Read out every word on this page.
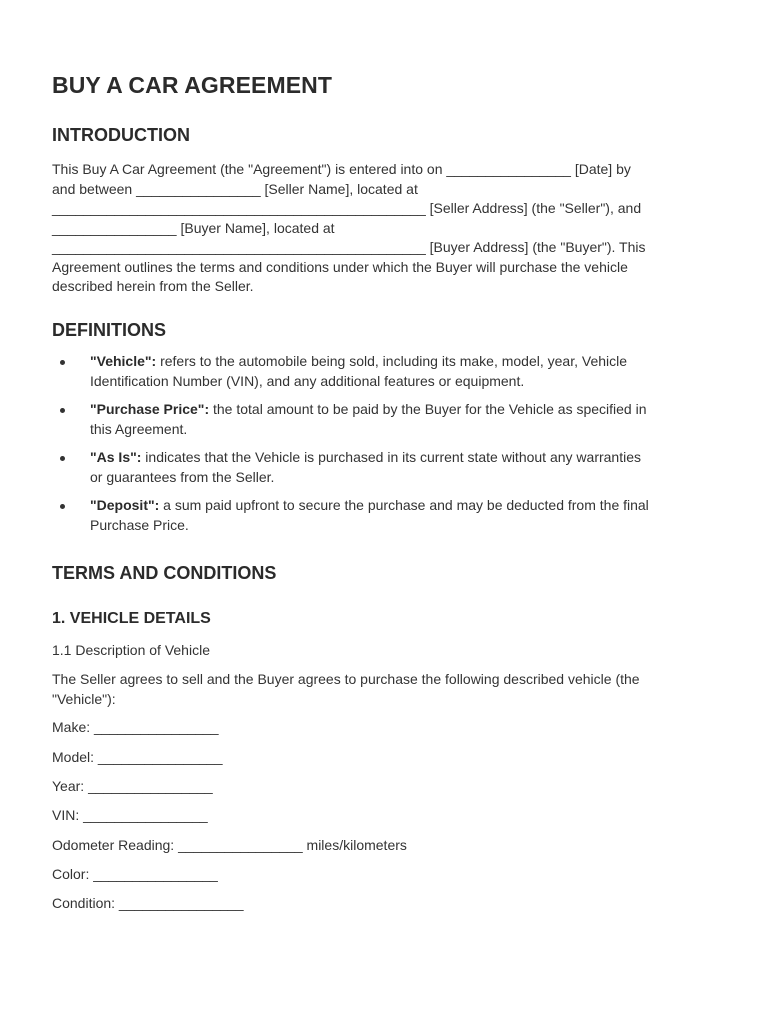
BUY A CAR AGREEMENT
INTRODUCTION
This Buy A Car Agreement (the "Agreement") is entered into on ________________ [Date] by
and between ________________ [Seller Name], located at
________________________________________________ [Seller Address] (the "Seller"), and
________________ [Buyer Name], located at
________________________________________________ [Buyer Address] (the "Buyer"). This
Agreement outlines the terms and conditions under which the Buyer will purchase the vehicle
described herein from the Seller.
DEFINITIONS
"Vehicle": refers to the automobile being sold, including its make, model, year, Vehicle
Identification Number (VIN), and any additional features or equipment.
"Purchase Price": the total amount to be paid by the Buyer for the Vehicle as specified in
this Agreement.
"As Is": indicates that the Vehicle is purchased in its current state without any warranties
or guarantees from the Seller.
"Deposit": a sum paid upfront to secure the purchase and may be deducted from the final
Purchase Price.
TERMS AND CONDITIONS
1. VEHICLE DETAILS

1.1 Description of Vehicle

The Seller agrees to sell and the Buyer agrees to purchase the following described vehicle (the
"Vehicle"):

Make: ________________

Model: ________________

Year: ________________

VIN: ________________

Odometer Reading: ________________ miles/kilometers

Color: ________________

Condition: ________________
